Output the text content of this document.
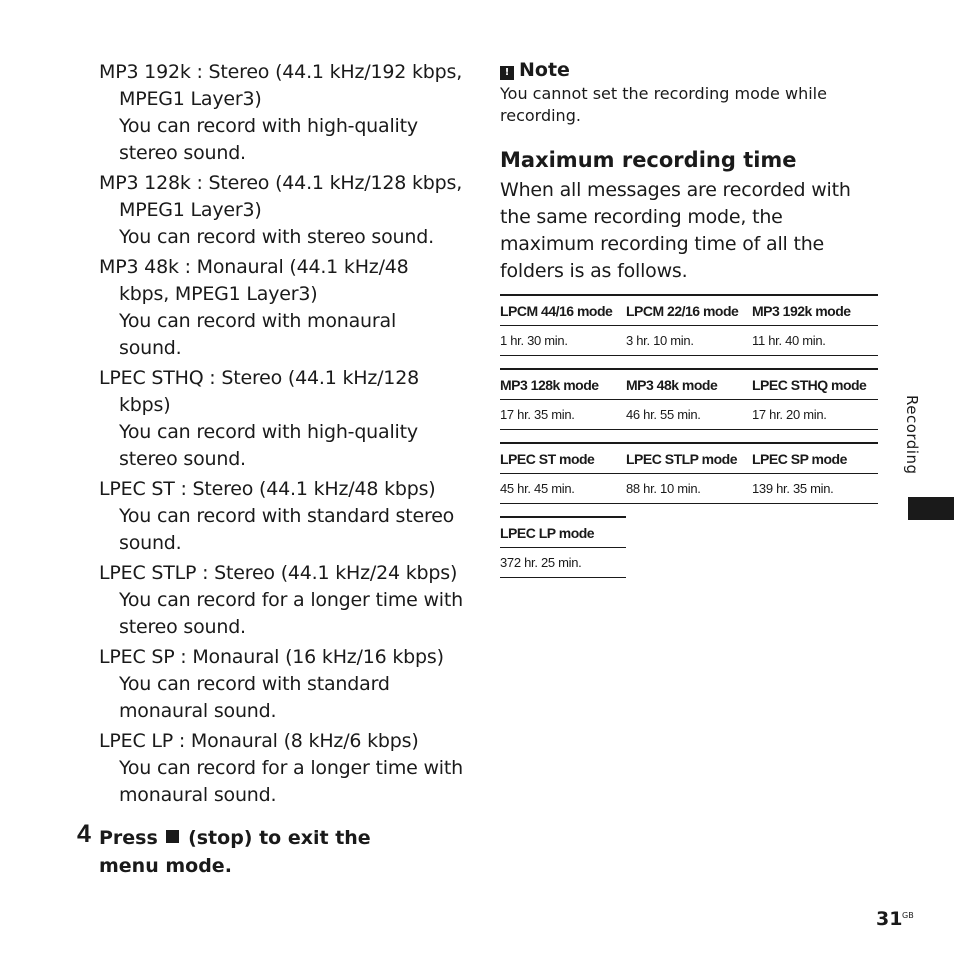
MP3 192k : Stereo (44.1 kHz/192 kbps, MPEG1 Layer3)
You can record with high-quality stereo sound.
MP3 128k : Stereo (44.1 kHz/128 kbps, MPEG1 Layer3)
You can record with stereo sound.
MP3 48k : Monaural (44.1 kHz/48 kbps, MPEG1 Layer3)
You can record with monaural sound.
LPEC STHQ : Stereo (44.1 kHz/128 kbps)
You can record with high-quality stereo sound.
LPEC ST : Stereo (44.1 kHz/48 kbps)
You can record with standard stereo sound.
LPEC STLP : Stereo (44.1 kHz/24 kbps)
You can record for a longer time with stereo sound.
LPEC SP : Monaural (16 kHz/16 kbps)
You can record with standard monaural sound.
LPEC LP : Monaural (8 kHz/6 kbps)
You can record for a longer time with monaural sound.
4 Press (stop) to exit the menu mode.
! Note
You cannot set the recording mode while recording.
Maximum recording time
When all messages are recorded with the same recording mode, the maximum recording time of all the folders is as follows.
LPCM 44/16 mode LPCM 22/16 mode MP3 192k mode
1 hr. 30 min.	3 hr. 10 min.	11 hr. 40 min.
MP3 128k mode	MP3 48k mode	LPEC STHQ mode
17 hr. 35 min.	46 hr. 55 min.	17 hr. 20 min.
LPEC ST mode	LPEC STLP mode	LPEC SP mode
45 hr. 45 min.	88 hr. 10 min.	139 hr. 35 min.
LPEC LP mode
372 hr. 25 min.
Recording
31 GB
